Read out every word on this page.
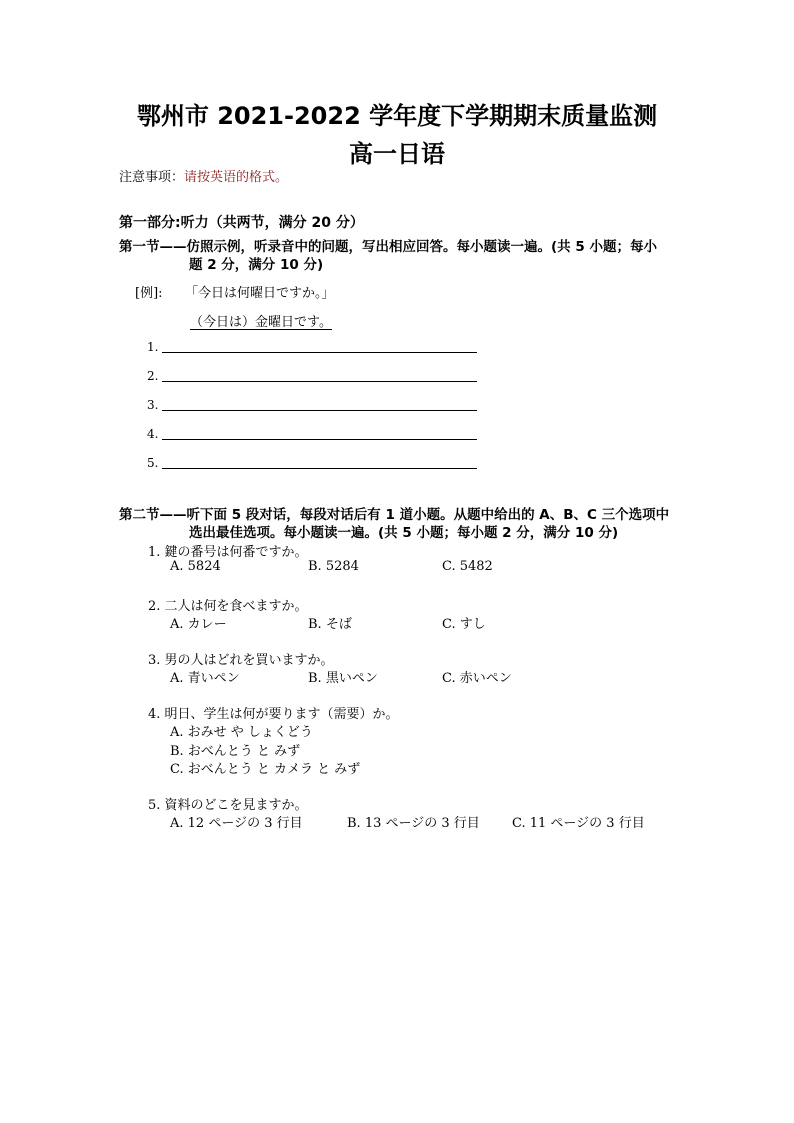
鄂州市 2021-2022 学年度下学期期末质量监测
高一日语
注意事项：请按英语的格式。
第一部分:听力（共两节，满分 20 分）
第一节——仿照示例，听录音中的问题，写出相应回答。每小题读一遍。(共 5 小题；每小
题 2 分，满分 10 分)
[例]: 「今日は何曜日ですか。」
（今日は）金曜日です。
1.
2.
3.
4.
5.
第二节——听下面 5 段对话，每段对话后有 1 道小题。从题中给出的 A、B、C 三个选项中
选出最佳选项。每小题读一遍。(共 5 小题；每小题 2 分，满分 10 分)
1. 鍵の番号は何番ですか。
A. 5824	B. 5284	C. 5482
2. 二人は何を食べますか。
A. カレー	B. そば	C. すし
3. 男の人はどれを買いますか。
A. 青いペン	B. 黒いペン	C. 赤いペン
4. 明日、学生は何が要ります（需要）か。
A. おみせ や しょくどう
B. おべんとう と みず
C. おべんとう と カメラ と みず
5. 資料のどこを見ますか。
A. 12 ページの 3 行目	B. 13 ページの 3 行目 C. 11 ページの 3 行目
